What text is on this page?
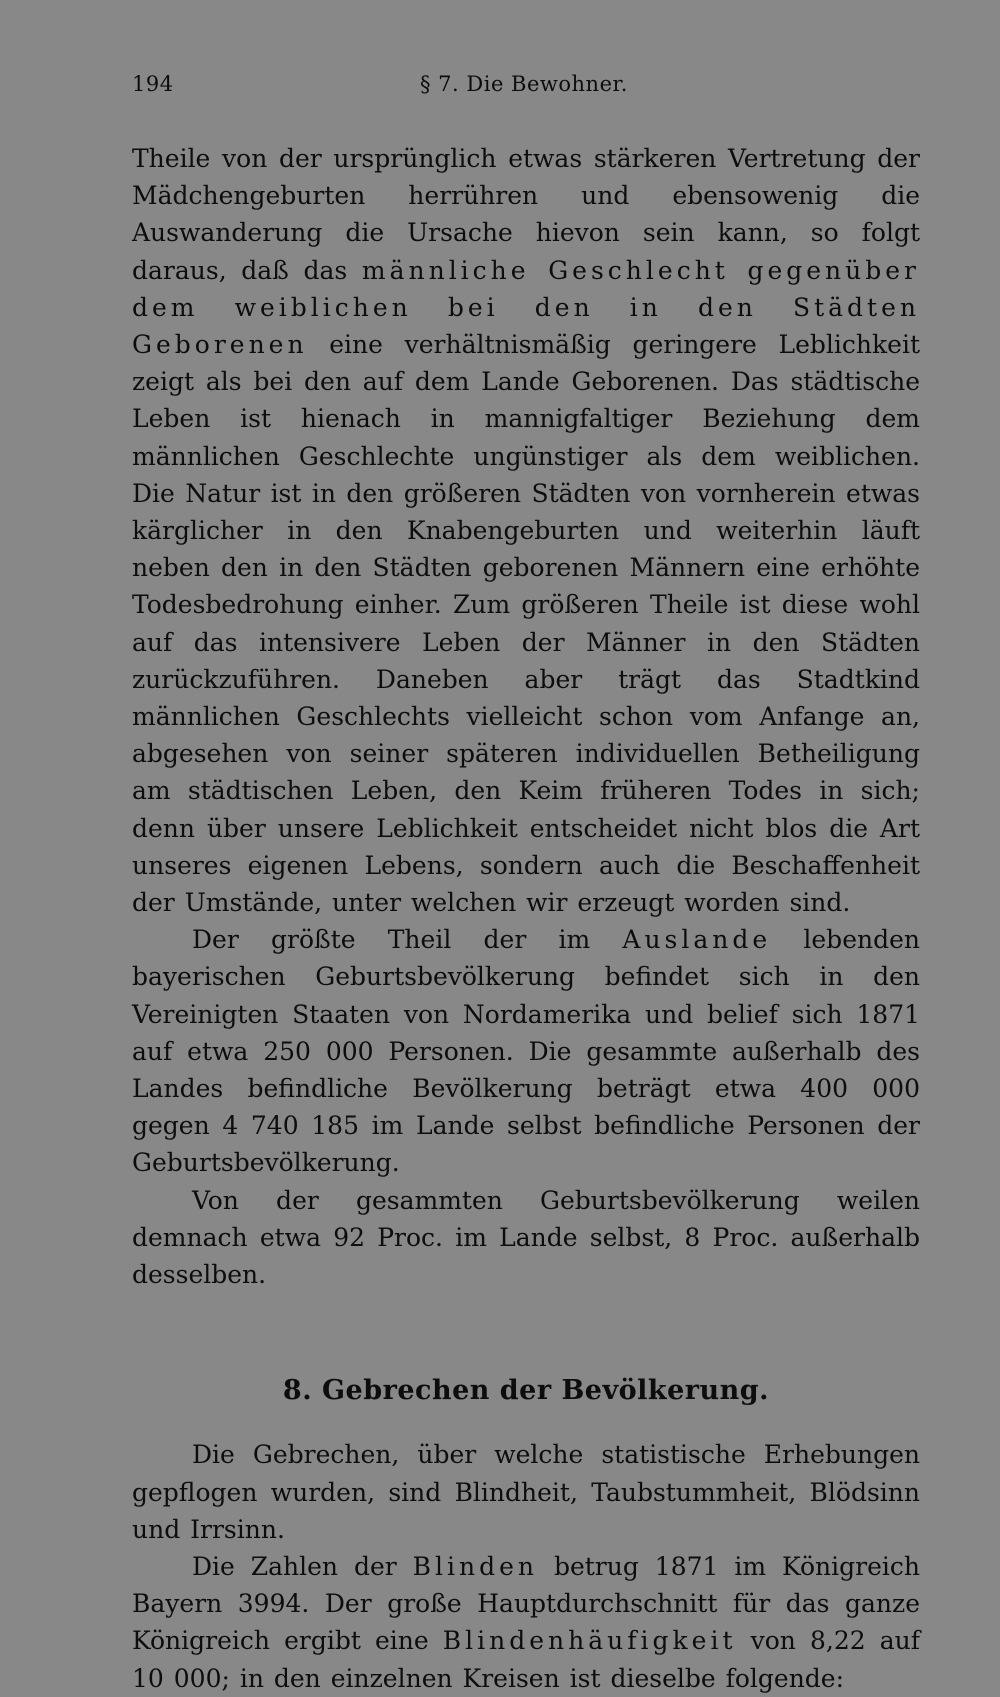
194	§ 7. Die Bewohner.

Theile von der ursprünglich etwas stärkeren Vertretung der Mädchengeburten herrühren und ebensowenig die Auswanderung die Ursache hievon sein kann, so folgt daraus, daß das männliche Geschlecht gegenüber dem weiblichen bei den in den Städten Geborenen eine verhältnismäßig geringere Leblichkeit zeigt als bei den auf dem Lande Geborenen. Das städtische Leben ist hienach in mannigfaltiger Beziehung dem männlichen Geschlechte ungünstiger als dem weiblichen. Die Natur ist in den größeren Städten von vornherein etwas kärglicher in den Knabengeburten und weiterhin läuft neben den in den Städten geborenen Männern eine erhöhte Todesbedrohung einher. Zum größeren Theile ist diese wohl auf das intensivere Leben der Männer in den Städten zurückzuführen. Daneben aber trägt das Stadtkind männlichen Geschlechts vielleicht schon vom Anfange an, abgesehen von seiner späteren individuellen Betheiligung am städtischen Leben, den Keim früheren Todes in sich; denn über unsere Leblichkeit entscheidet nicht blos die Art unseres eigenen Lebens, sondern auch die Beschaffenheit der Umstände, unter welchen wir erzeugt worden sind.

Der größte Theil der im Auslande lebenden bayerischen Geburtsbevölkerung befindet sich in den Vereinigten Staaten von Nordamerika und belief sich 1871 auf etwa 250 000 Personen. Die gesammte außerhalb des Landes befindliche Bevölkerung beträgt etwa 400 000 gegen 4 740 185 im Lande selbst befindliche Personen der Geburtsbevölkerung.

Von der gesammten Geburtsbevölkerung weilen demnach etwa 92 Proc. im Lande selbst, 8 Proc. außerhalb desselben.

8. Gebrechen der Bevölkerung.

Die Gebrechen, über welche statistische Erhebungen gepflogen wurden, sind Blindheit, Taubstummheit, Blödsinn und Irrsinn.

Die Zahlen der Blinden betrug 1871 im Königreich Bayern 3994. Der große Hauptdurchschnitt für das ganze Königreich ergibt eine Blindenhäufigkeit von 8,22 auf 10 000; in den einzelnen Kreisen ist dieselbe folgende:
